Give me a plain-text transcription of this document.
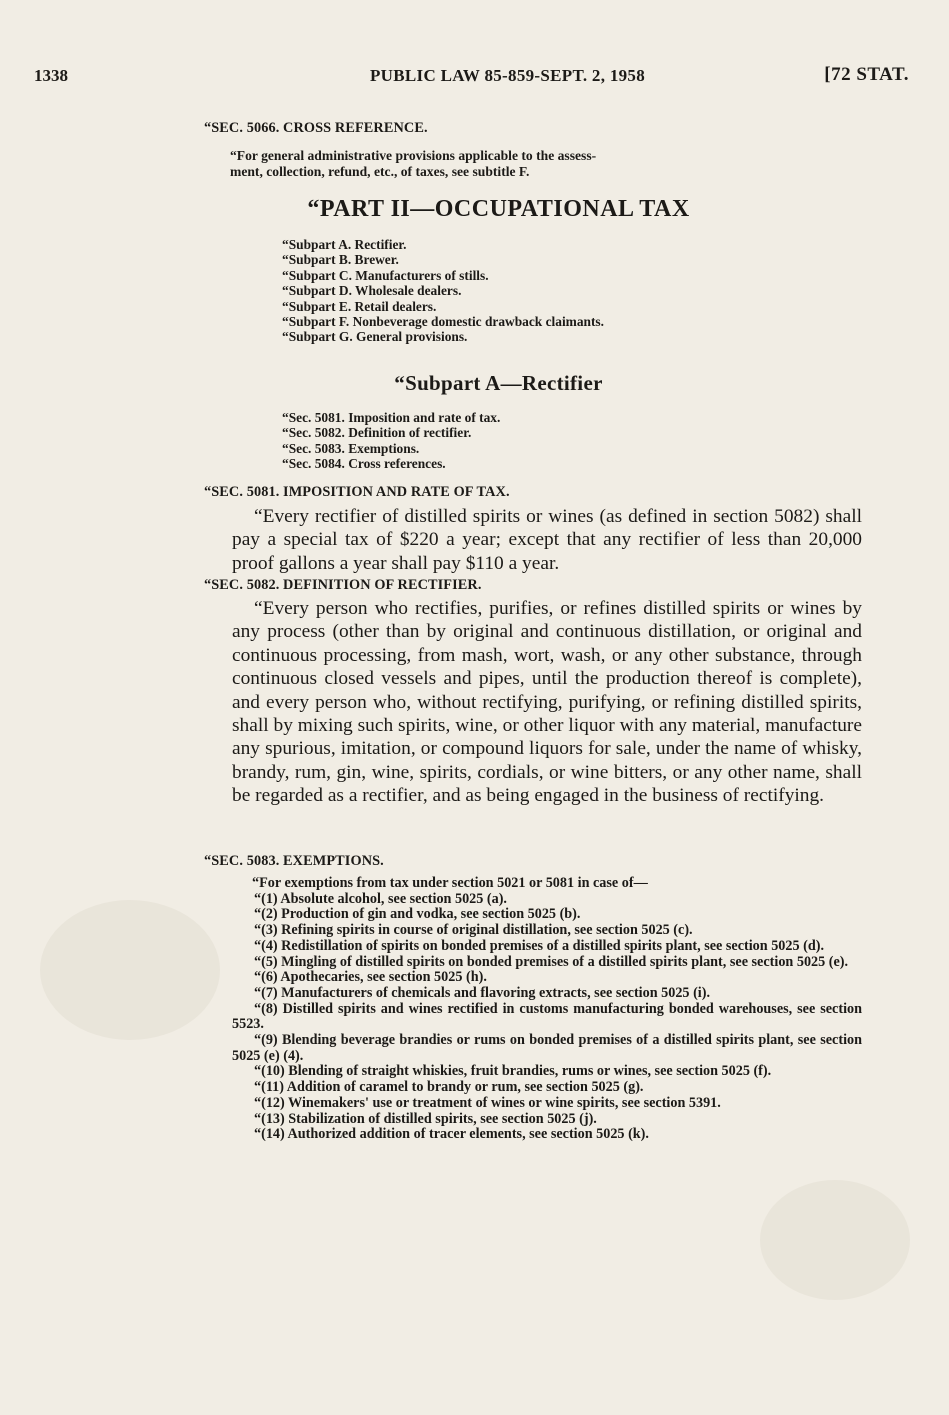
1338	PUBLIC LAW 85-859-SEPT. 2, 1958	[72 STAT.
“SEC. 5066. CROSS REFERENCE.
“For general administrative provisions applicable to the assess-
ment, collection, refund, etc., of taxes, see subtitle F.
“PART II—OCCUPATIONAL TAX
“Subpart A. Rectifier.
“Subpart B. Brewer.
“Subpart C. Manufacturers of stills.
“Subpart D. Wholesale dealers.
“Subpart E. Retail dealers.
“Subpart F. Nonbeverage domestic drawback claimants.
“Subpart G. General provisions.
“Subpart A—Rectifier
“Sec. 5081. Imposition and rate of tax.
“Sec. 5082. Definition of rectifier.
“Sec. 5083. Exemptions.
“Sec. 5084. Cross references.
“SEC. 5081. IMPOSITION AND RATE OF TAX.
“Every rectifier of distilled spirits or wines (as defined in section 5082) shall pay a special tax of $220 a year; except that any rectifier of less than 20,000 proof gallons a year shall pay $110 a year.
“SEC. 5082. DEFINITION OF RECTIFIER.
“Every person who rectifies, purifies, or refines distilled spirits or wines by any process (other than by original and continuous distillation, or original and continuous processing, from mash, wort, wash, or any other substance, through continuous closed vessels and pipes, until the production thereof is complete), and every person who, without rectifying, purifying, or refining distilled spirits, shall by mixing such spirits, wine, or other liquor with any material, manufacture any spurious, imitation, or compound liquors for sale, under the name of whisky, brandy, rum, gin, wine, spirits, cordials, or wine bitters, or any other name, shall be regarded as a rectifier, and as being engaged in the business of rectifying.
“SEC. 5083. EXEMPTIONS.
“For exemptions from tax under section 5021 or 5081 in case of—
“(1) Absolute alcohol, see section 5025 (a).
“(2) Production of gin and vodka, see section 5025 (b).
“(3) Refining spirits in course of original distillation, see section 5025 (c).
“(4) Redistillation of spirits on bonded premises of a distilled spirits plant, see section 5025 (d).
“(5) Mingling of distilled spirits on bonded premises of a distilled spirits plant, see section 5025 (e).
“(6) Apothecaries, see section 5025 (h).
“(7) Manufacturers of chemicals and flavoring extracts, see section 5025 (i).
“(8) Distilled spirits and wines rectified in customs manufacturing bonded warehouses, see section 5523.
“(9) Blending beverage brandies or rums on bonded premises of a distilled spirits plant, see section 5025 (e) (4).
“(10) Blending of straight whiskies, fruit brandies, rums or wines, see section 5025 (f).
“(11) Addition of caramel to brandy or rum, see section 5025 (g).
“(12) Winemakers' use or treatment of wines or wine spirits, see section 5391.
“(13) Stabilization of distilled spirits, see section 5025 (j).
“(14) Authorized addition of tracer elements, see section 5025 (k).
